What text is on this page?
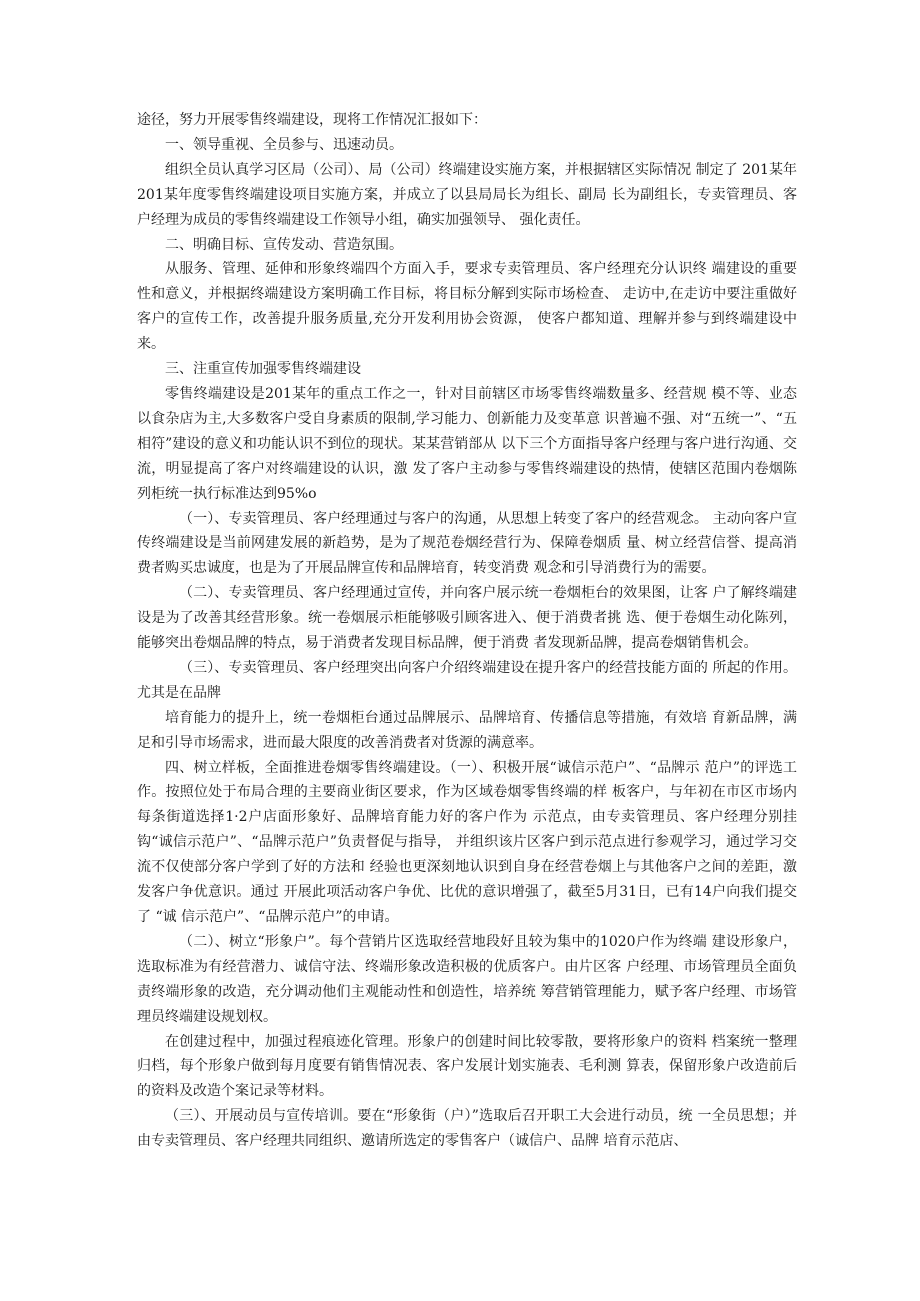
途径，努力开展零售终端建设，现将工作情况汇报如下：

一、领导重视、全员参与、迅速动员。

组织全员认真学习区局（公司）、局（公司）终端建设实施方案，并根据辖区实际情况 制定了 201某年201某年度零售终端建设项目实施方案，并成立了以县局局长为组长、副局 长为副组长，专卖管理员、客户经理为成员的零售终端建设工作领导小组，确实加强领导、 强化责任。

二、明确目标、宣传发动、营造氛围。

从服务、管理、延伸和形象终端四个方面入手，要求专卖管理员、客户经理充分认识终 端建设的重要性和意义，并根据终端建设方案明确工作目标，将目标分解到实际市场检查、 走访中,在走访中要注重做好客户的宣传工作，改善提升服务质量,充分开发利用协会资源， 使客户都知道、理解并参与到终端建设中来。

三、注重宣传加强零售终端建设

零售终端建设是201某年的重点工作之一，针对目前辖区市场零售终端数量多、经营规 模不等、业态以食杂店为主,大多数客户受自身素质的限制,学习能力、创新能力及变革意 识普遍不强、对“五统一”、“五相符”建设的意义和功能认识不到位的现状。某某营销部从 以下三个方面指导客户经理与客户进行沟通、交流，明显提高了客户对终端建设的认识，激 发了客户主动参与零售终端建设的热情，使辖区范围内卷烟陈列柜统一执行标准达到95%o

（一）、专卖管理员、客户经理通过与客户的沟通，从思想上转变了客户的经营观念。 主动向客户宣传终端建设是当前网建发展的新趋势，是为了规范卷烟经营行为、保障卷烟质 量、树立经营信誉、提高消费者购买忠诚度，也是为了开展品牌宣传和品牌培育，转变消费 观念和引导消费行为的需要。

（二）、专卖管理员、客户经理通过宣传，并向客户展示统一卷烟柜台的效果图，让客 户了解终端建设是为了改善其经营形象。统一卷烟展示柜能够吸引顾客进入、便于消费者挑 选、便于卷烟生动化陈列，能够突出卷烟品牌的特点，易于消费者发现目标品牌，便于消费 者发现新品牌，提高卷烟销售机会。

（三）、专卖管理员、客户经理突出向客户介绍终端建设在提升客户的经营技能方面的 所起的作用。尤其是在品牌

培育能力的提升上，统一卷烟柜台通过品牌展示、品牌培育、传播信息等措施，有效培 育新品牌，满足和引导市场需求，进而最大限度的改善消费者对货源的满意率。

四、树立样板，全面推进卷烟零售终端建设。（一）、积极开展“诚信示范户”、“品牌示 范户”的评选工作。按照位处于布局合理的主要商业街区要求，作为区域卷烟零售终端的样 板客户，与年初在市区市场内每条街道选择1·2户店面形象好、品牌培育能力好的客户作为 示范点，由专卖管理员、客户经理分别挂钩“诚信示范户”、“品牌示范户”负责督促与指导， 并组织该片区客户到示范点进行参观学习，通过学习交流不仅使部分客户学到了好的方法和 经验也更深刻地认识到自身在经营卷烟上与其他客户之间的差距，激发客户争优意识。通过 开展此项活动客户争优、比优的意识增强了，截至5月31日，已有14户向我们提交了 “诚 信示范户”、“品牌示范户”的申请。

（二）、树立“形象户”。每个营销片区选取经营地段好且较为集中的1020户作为终端 建设形象户，选取标准为有经营潜力、诚信守法、终端形象改造积极的优质客户。由片区客 户经理、市场管理员全面负责终端形象的改造，充分调动他们主观能动性和创造性，培养统 筹营销管理能力，赋予客户经理、市场管理员终端建设规划权。

在创建过程中，加强过程痕迹化管理。形象户的创建时间比较零散，要将形象户的资料 档案统一整理归档，每个形象户做到每月度要有销售情况表、客户发展计划实施表、毛利测 算表，保留形象户改造前后的资料及改造个案记录等材料。

（三）、开展动员与宣传培训。要在“形象街（户）”选取后召开职工大会进行动员，统 一全员思想；并由专卖管理员、客户经理共同组织、邀请所选定的零售客户（诚信户、品牌 培育示范店、
